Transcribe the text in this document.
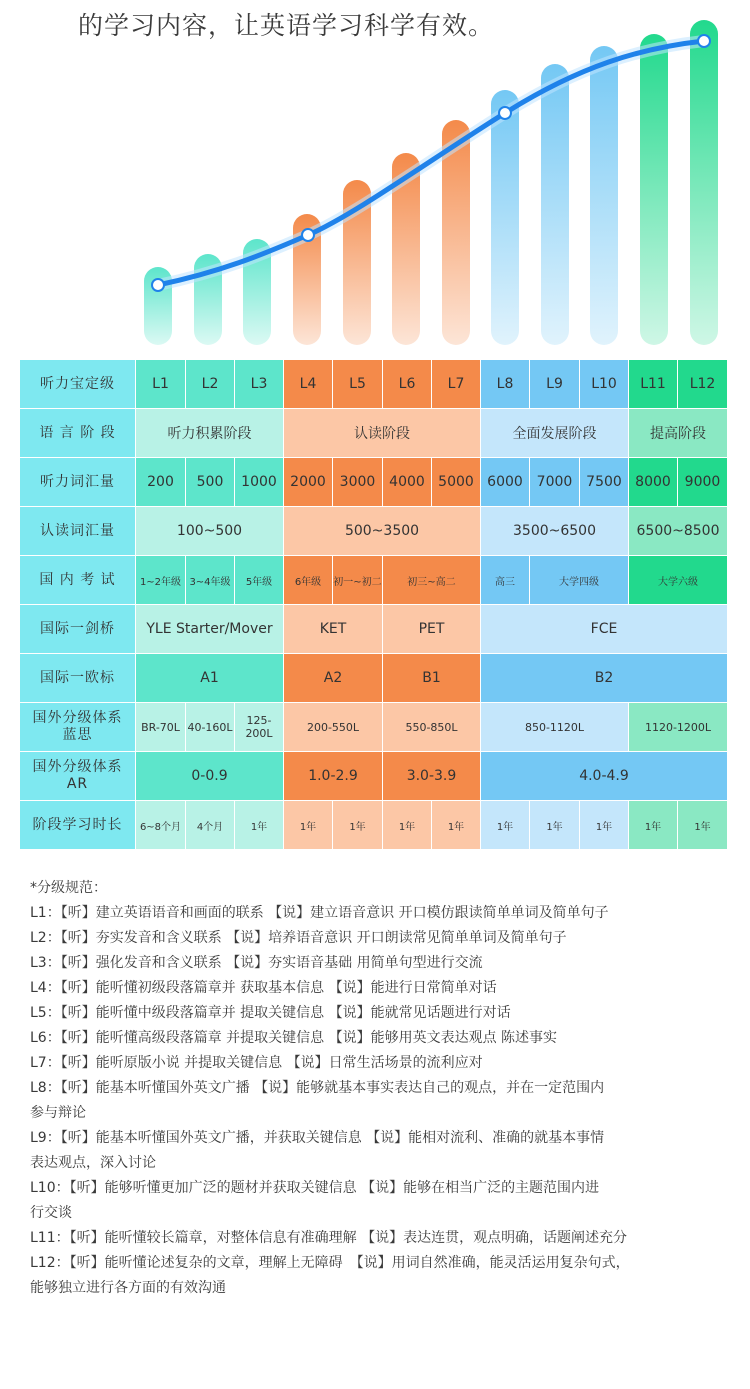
的学习内容，让英语学习科学有效。
听力宝定级	L1	L2	L3	L4	L5	L6	L7	L8	L9	L10	L11	L12
语 言 阶 段	听力积累阶段			认读阶段				全面发展阶段			提高阶段	
听力词汇量	200	500	1000	2000	3000	4000	5000	6000	7000	7500	8000	9000
认读词汇量	100~500			500~3500				3500~6500			6500~8500	
国 内 考 试	1~2年级	3~4年级	5年级	6年级	初一~初二	初三~高二		高三	大学四级		大学六级	
国际一剑桥	YLE Starter/Mover			KET		PET		FCE				
国际一欧标	A1			A2		B1		B2				
国外分级体系
蓝思	BR-70L	40-160L	125-200L	200-550L		550-850L		850-1120L			1120-1200L	
国外分级体系
AR	0-0.9			1.0-2.9		3.0-3.9		4.0-4.9				
阶段学习时长	6~8个月	4个月	1年	1年	1年	1年	1年	1年	1年	1年	1年	1年
*分级规范：
L1：【听】建立英语语音和画面的联系 【说】建立语音意识 开口模仿跟读简单单词及简单句子
L2：【听】夯实发音和含义联系 【说】培养语音意识 开口朗读常见简单单词及简单句子
L3：【听】强化发音和含义联系 【说】夯实语音基础 用简单句型进行交流
L4：【听】能听懂初级段落篇章并 获取基本信息 【说】能进行日常简单对话
L5：【听】能听懂中级段落篇章并 提取关键信息 【说】能就常见话题进行对话
L6：【听】能听懂高级段落篇章 并提取关键信息 【说】能够用英文表达观点 陈述事实
L7：【听】能听原版小说 并提取关键信息 【说】日常生活场景的流利应对
L8：【听】能基本听懂国外英文广播 【说】能够就基本事实表达自己的观点，并在一定范围内
参与辩论
L9：【听】能基本听懂国外英文广播，并获取关键信息 【说】能相对流利、准确的就基本事情
表达观点，深入讨论
L10：【听】能够听懂更加广泛的题材并获取关键信息 【说】能够在相当广泛的主题范围内进
行交谈
L11：【听】能听懂较长篇章，对整体信息有准确理解 【说】表达连贯，观点明确，话题阐述充分
L12：【听】能听懂论述复杂的文章，理解上无障碍　【说】用词自然准确，能灵活运用复杂句式，
能够独立进行各方面的有效沟通
